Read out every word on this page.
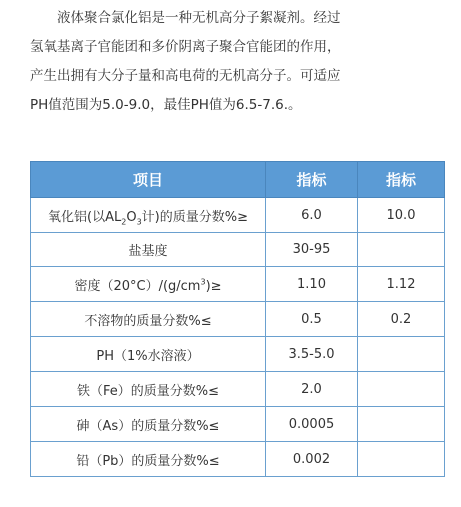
液体聚合氯化铝是一种无机高分子絮凝剂。经过
氢氧基离子官能团和多价阴离子聚合官能团的作用，
产生出拥有大分子量和高电荷的无机高分子。可适应
PH值范围为5.0-9.0，最佳PH值为6.5-7.6.。
项目	指标	指标
氧化铝(以$AL_2O_3$计)的质量分数%≥	6.0	10.0
盐基度	30-95	
密度$(20^\circ C)/(g/cm^3)\ge$	1.10	1.12
不溶物的质量分数%≤	0.5	0.2
PH（1%水溶液）	3.5-5.0	
铁（Fe）的质量分数%≤	2.0	
砷（As）的质量分数%≤	0.0005	
铅（Pb）的质量分数%≤	0.002	
